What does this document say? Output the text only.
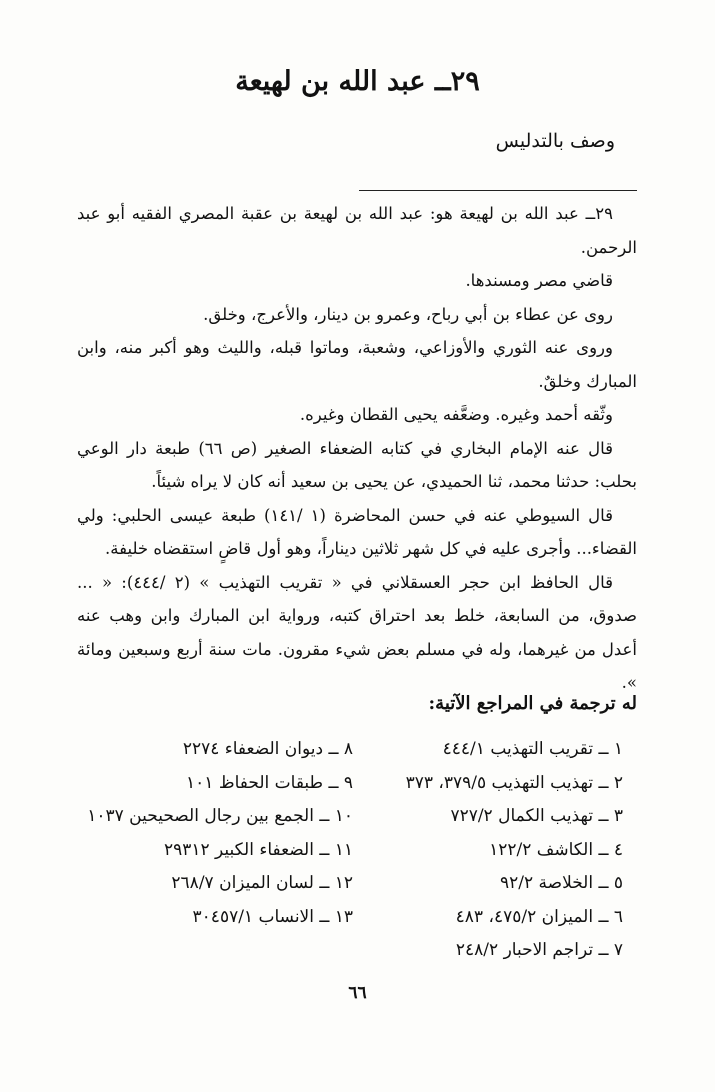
٢٩ــ عبد الله بن لهيعة
وصف بالتدليس

٢٩ــ عبد الله بن لهيعة هو: عبد الله بن لهيعة بن عقبة المصري الفقيه أبو عبد الرحمن.

قاضي مصر ومسندها.

روى عن عطاء بن أبي رباح، وعمرو بن دينار، والأعرج، وخلق.

وروى عنه الثوري والأوزاعي، وشعبة، وماتوا قبله، والليث وهو أكبر منه، وابن المبارك وخلقٌ.

وثّقه أحمد وغيره. وضعَّفه يحيى القطان وغيره.

قال عنه الإمام البخاري في كتابه الضعفاء الصغير (ص ٦٦) طبعة دار الوعي بحلب: حدثنا محمد، ثنا الحميدي، عن يحيى بن سعيد أنه كان لا يراه شيئاً.

قال السيوطي عنه في حسن المحاضرة (١ /١٤١) طبعة عيسى الحلبي: ولي القضاء... وأجرى عليه في كل شهر ثلاثين ديناراً، وهو أول قاضٍ استقضاه خليفة.

قال الحافظ ابن حجر العسقلاني في « تقريب التهذيب » (٢ /٤٤٤): « ... صدوق، من السابعة، خلط بعد احتراق كتبه، ورواية ابن المبارك وابن وهب عنه أعدل من غيرهما، وله في مسلم بعض شيء مقرون. مات سنة أربع وسبعين ومائة ».

له ترجمة في المراجع الآتية:
١ ــ تقريب التهذيب ٤٤٤/١
٢ ــ تهذيب التهذيب ٣٧٩/٥، ٣٧٣
٣ ــ تهذيب الكمال ٧٢٧/٢
٤ ــ الكاشف ١٢٢/٢
٥ ــ الخلاصة ٩٢/٢
٦ ــ الميزان ٤٧٥/٢، ٤٨٣
٧ ــ تراجم الاحبار ٢٤٨/٢
٨ ــ ديوان الضعفاء ٢٢٧٤
٩ ــ طبقات الحفاظ ١٠١
١٠ ــ الجمع بين رجال الصحيحين ١٠٣٧
١١ ــ الضعفاء الكبير ٢٩٣١٢
١٢ ــ لسان الميزان ٢٦٨/٧
١٣ ــ الانساب ٣٠٤٥٧/١
٦٦
